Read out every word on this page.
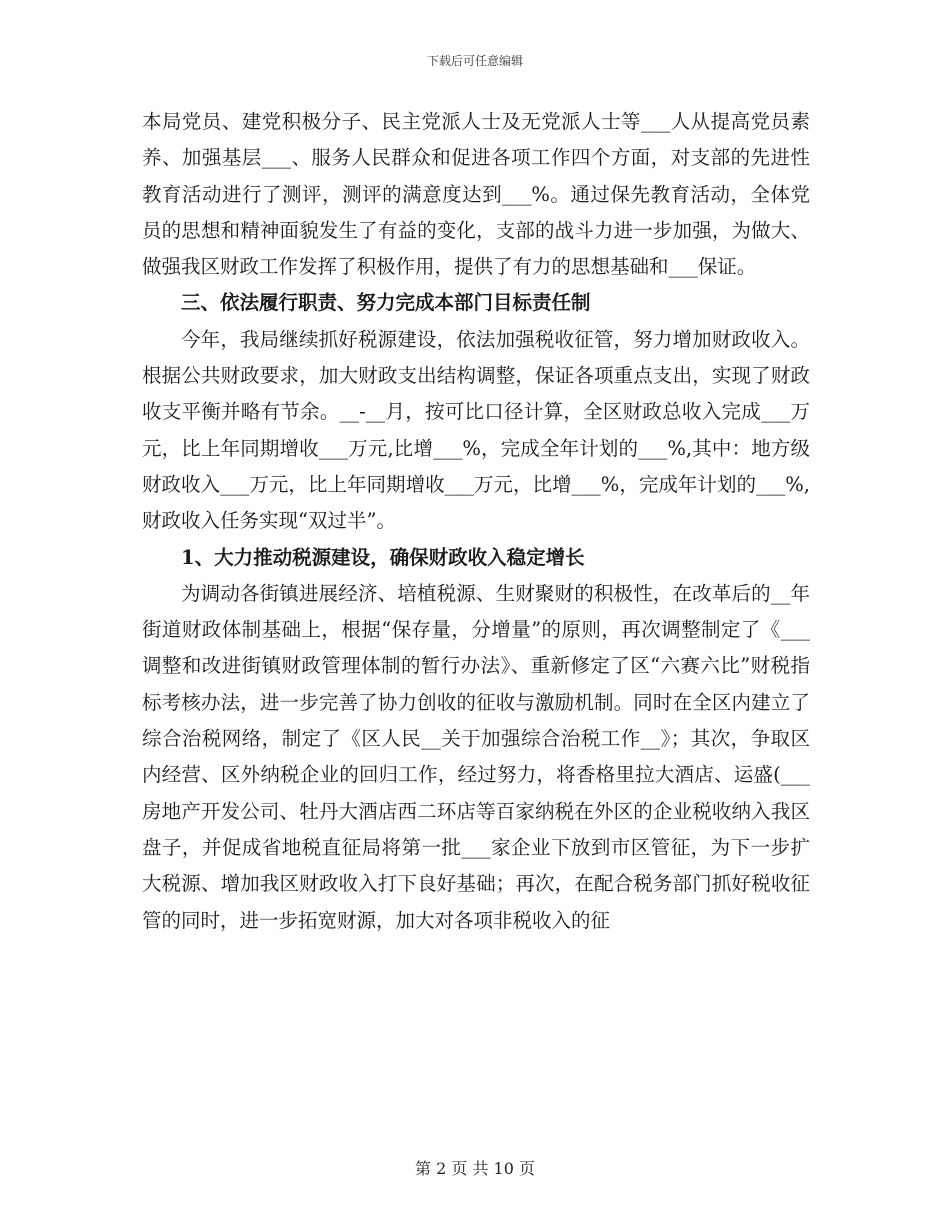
下载后可任意编辑

本局党员、建党积极分子、民主党派人士及无党派人士等___人从提高党员素养、加强基层___、服务人民群众和促进各项工作四个方面，对支部的先进性教育活动进行了测评，测评的满意度达到___%。通过保先教育活动，全体党员的思想和精神面貌发生了有益的变化，支部的战斗力进一步加强，为做大、做强我区财政工作发挥了积极作用，提供了有力的思想基础和___保证。

三、依法履行职责、努力完成本部门目标责任制

今年，我局继续抓好税源建设，依法加强税收征管，努力增加财政收入。根据公共财政要求，加大财政支出结构调整，保证各项重点支出，实现了财政收支平衡并略有节余。__-__月，按可比口径计算，全区财政总收入完成___万元，比上年同期增收___万元,比增___%，完成全年计划的___%,其中：地方级财政收入___万元，比上年同期增收___万元，比增___%，完成年计划的___%,财政收入任务实现“双过半”。

1、大力推动税源建设，确保财政收入稳定增长

为调动各街镇进展经济、培植税源、生财聚财的积极性，在改革后的__年街道财政体制基础上，根据“保存量，分增量”的原则，再次调整制定了《___调整和改进街镇财政管理体制的暂行办法》、重新修定了区“六赛六比”财税指标考核办法，进一步完善了协力创收的征收与激励机制。同时在全区内建立了综合治税网络，制定了《区人民__关于加强综合治税工作__》；其次，争取区内经营、区外纳税企业的回归工作，经过努力，将香格里拉大酒店、运盛(___房地产开发公司、牡丹大酒店西二环店等百家纳税在外区的企业税收纳入我区盘子，并促成省地税直征局将第一批___家企业下放到市区管征，为下一步扩大税源、增加我区财政收入打下良好基础；再次，在配合税务部门抓好税收征管的同时，进一步拓宽财源，加大对各项非税收入的征

第 2 页 共 10 页
